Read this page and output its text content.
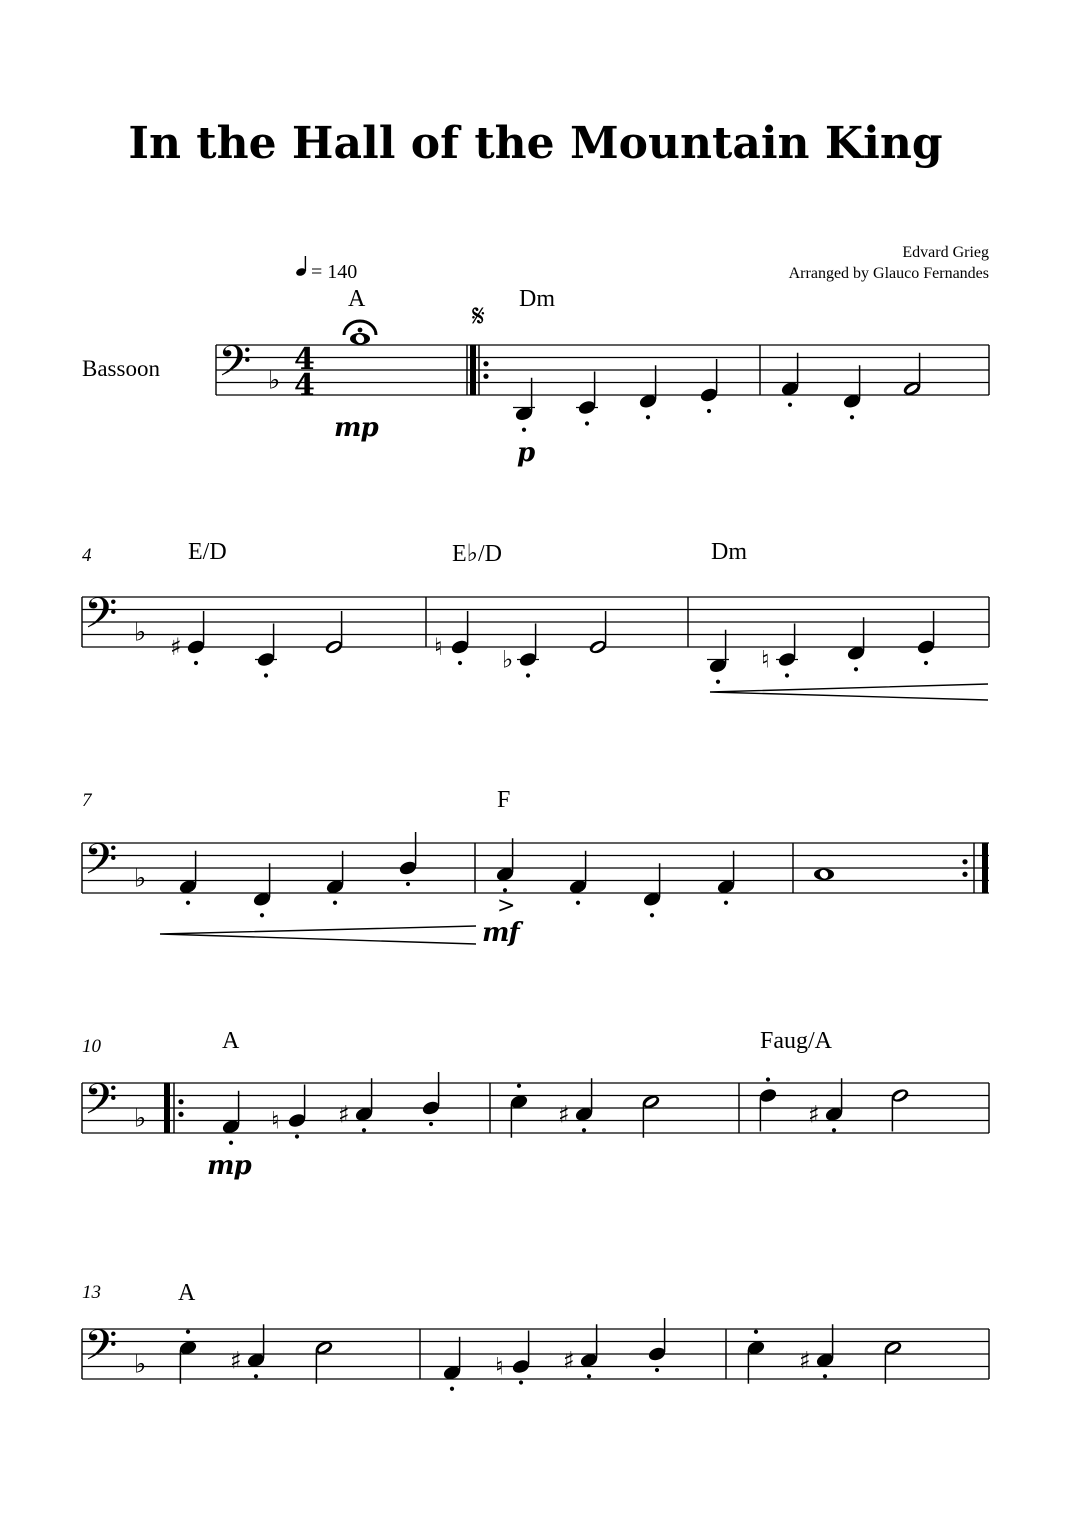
In the Hall of the Mountain King
Edvard Grieg
Arranged by Glauco Fernandes
Bassoon
= 140
4
7
10
13
A	Dm
E/D	E♭/D	Dm
F
A	Faug/A
A
mp
p
mf
mp
𝄢 ♭
4
4
𝄋
𝄢 ♭ ♯	♮ ♭	♮
𝄢 ♭
>
𝄢 ♭	♮ ♯	♯	♯
𝄢 ♭	♯	♮ ♯	♯
